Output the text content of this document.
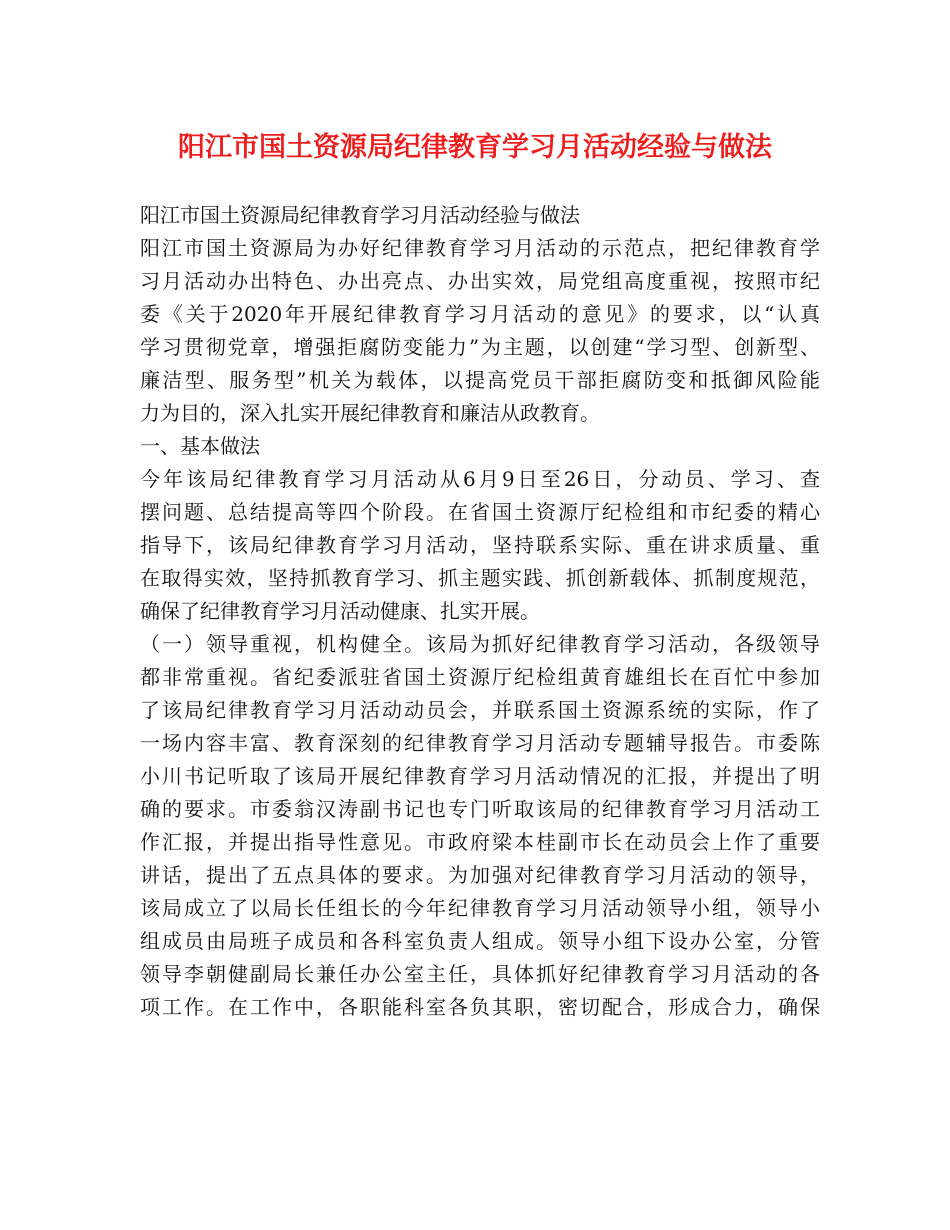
阳江市国土资源局纪律教育学习月活动经验与做法
阳江市国土资源局纪律教育学习月活动经验与做法
阳江市国土资源局为办好纪律教育学习月活动的示范点，把纪律教育学
习月活动办出特色、办出亮点、办出实效，局党组高度重视，按照市纪
委《关于2020年开展纪律教育学习月活动的意见》的要求，以“认真
学习贯彻党章，增强拒腐防变能力”为主题，以创建“学习型、创新型、
廉洁型、服务型”机关为载体，以提高党员干部拒腐防变和抵御风险能
力为目的，深入扎实开展纪律教育和廉洁从政教育。
一、基本做法
今年该局纪律教育学习月活动从6月9日至26日，分动员、学习、查
摆问题、总结提高等四个阶段。在省国土资源厅纪检组和市纪委的精心
指导下，该局纪律教育学习月活动，坚持联系实际、重在讲求质量、重
在取得实效，坚持抓教育学习、抓主题实践、抓创新载体、抓制度规范，
确保了纪律教育学习月活动健康、扎实开展。
（一）领导重视，机构健全。该局为抓好纪律教育学习活动，各级领导
都非常重视。省纪委派驻省国土资源厅纪检组黄育雄组长在百忙中参加
了该局纪律教育学习月活动动员会，并联系国土资源系统的实际，作了
一场内容丰富、教育深刻的纪律教育学习月活动专题辅导报告。市委陈
小川书记听取了该局开展纪律教育学习月活动情况的汇报，并提出了明
确的要求。市委翁汉涛副书记也专门听取该局的纪律教育学习月活动工
作汇报，并提出指导性意见。市政府梁本桂副市长在动员会上作了重要
讲话，提出了五点具体的要求。为加强对纪律教育学习月活动的领导，
该局成立了以局长任组长的今年纪律教育学习月活动领导小组，领导小
组成员由局班子成员和各科室负责人组成。领导小组下设办公室，分管
领导李朝健副局长兼任办公室主任，具体抓好纪律教育学习月活动的各
项工作。在工作中，各职能科室各负其职，密切配合，形成合力，确保
